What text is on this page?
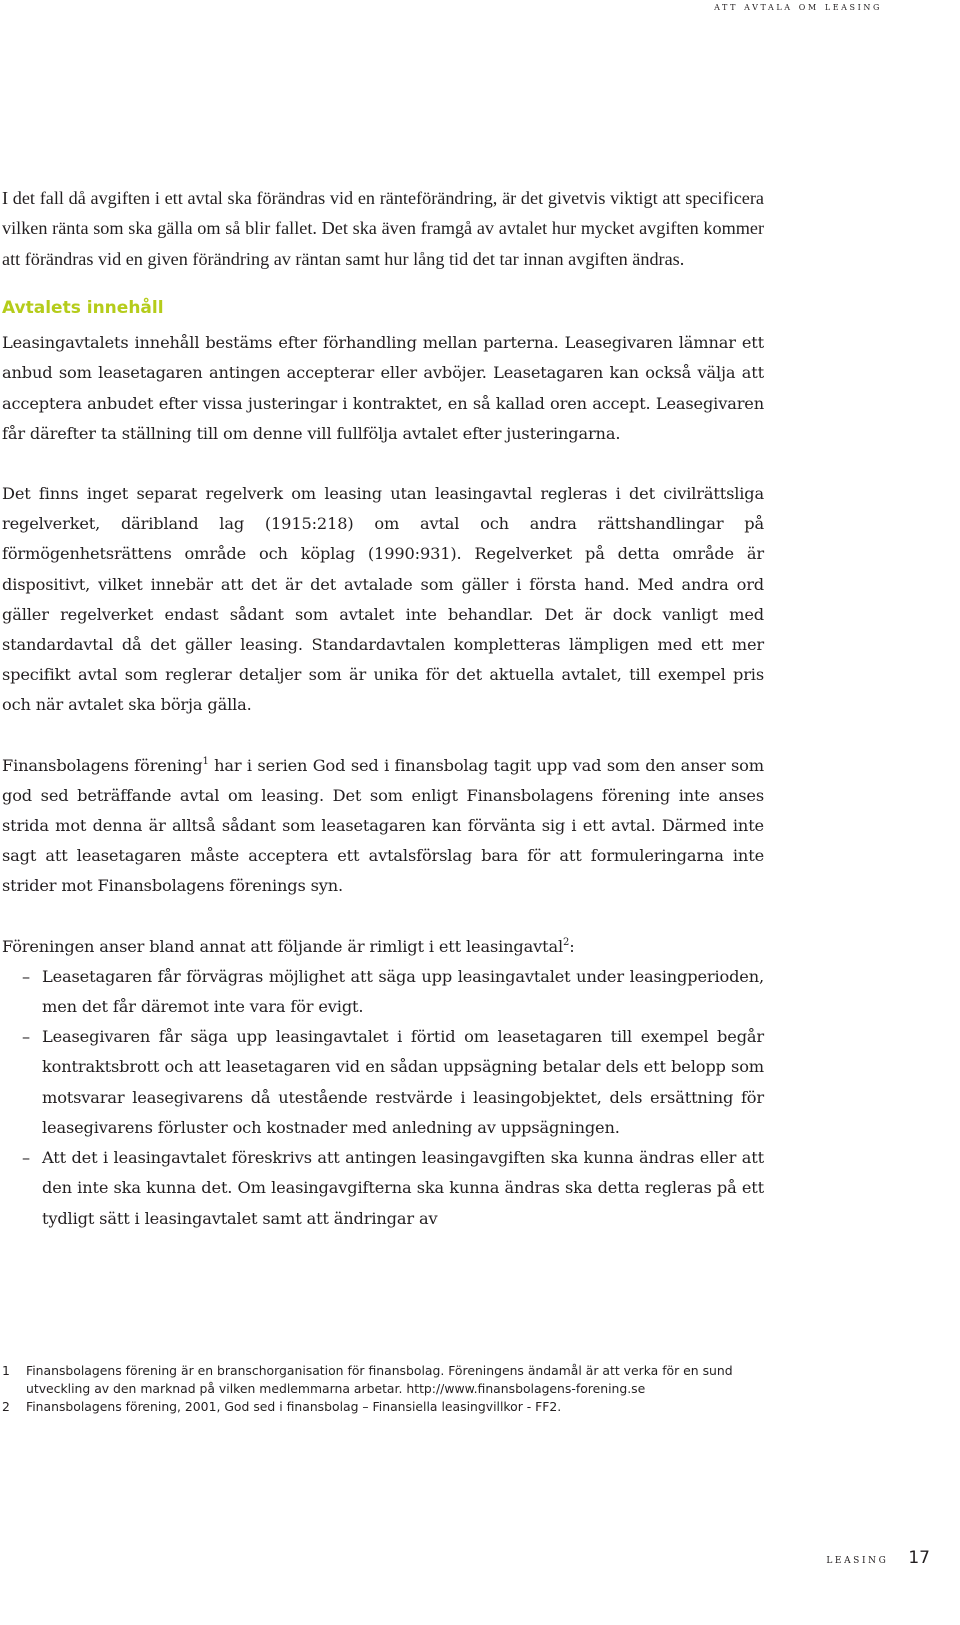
att avtala om leasing

I det fall då avgiften i ett avtal ska förändras vid en ränteförändring, är det givetvis viktigt att specificera vilken ränta som ska gälla om så blir fallet. Det ska även framgå av avtalet hur mycket avgiften kommer att förändras vid en given förändring av räntan samt hur lång tid det tar innan avgiften ändras.

Avtalets innehåll

Leasingavtalets innehåll bestäms efter förhandling mellan parterna. Leasegivaren lämnar ett anbud som leasetagaren antingen accepterar eller avböjer. Leasetagaren kan också välja att acceptera anbudet efter vissa justeringar i kontraktet, en så kallad oren accept. Leasegivaren får därefter ta ställning till om denne vill fullfölja avtalet efter justeringarna.

Det finns inget separat regelverk om leasing utan leasingavtal regleras i det civilrättsliga regelverket, däribland lag (1915:218) om avtal och andra rättshandlingar på förmögenhetsrättens område och köplag (1990:931). Regelverket på detta område är dispositivt, vilket innebär att det är det avtalade som gäller i första hand. Med andra ord gäller regelverket endast sådant som avtalet inte behandlar. Det är dock vanligt med standardavtal då det gäller leasing. Standardavtalen kompletteras lämpligen med ett mer specifikt avtal som reglerar detaljer som är unika för det aktuella avtalet, till exempel pris och när avtalet ska börja gälla.

Finansbolagens förening$^1$ har i serien God sed i finansbolag tagit upp vad som den anser som god sed beträffande avtal om leasing. Det som enligt Finansbolagens förening inte anses strida mot denna är alltså sådant som leasetagaren kan förvänta sig i ett avtal. Därmed inte sagt att leasetagaren måste acceptera ett avtalsförslag bara för att formuleringarna inte strider mot Finansbolagens förenings syn.

Föreningen anser bland annat att följande är rimligt i ett leasingavtal$^2$:

– Leasetagaren får förvägras möjlighet att säga upp leasingavtalet under leasingperioden, men det får däremot inte vara för evigt.
– Leasegivaren får säga upp leasingavtalet i förtid om leasetagaren till exempel begår kontraktsbrott och att leasetagaren vid en sådan uppsägning betalar dels ett belopp som motsvarar leasegivarens då utestående restvärde i leasingobjektet, dels ersättning för leasegivarens förluster och kostnader med anledning av uppsägningen.
– Att det i leasingavtalet föreskrivs att antingen leasingavgiften ska kunna ändras eller att den inte ska kunna det. Om leasingavgifterna ska kunna ändras ska detta regleras på ett tydligt sätt i leasingavtalet samt att ändringar av
1 Finansbolagens förening är en branschorganisation för finansbolag. Föreningens ändamål är att verka för en sund utveckling av den marknad på vilken medlemmarna arbetar. http://www.finansbolagens-forening.se
2 Finansbolagens förening, 2001, God sed i finansbolag – Finansiella leasingvillkor - FF2.
leasing 17
